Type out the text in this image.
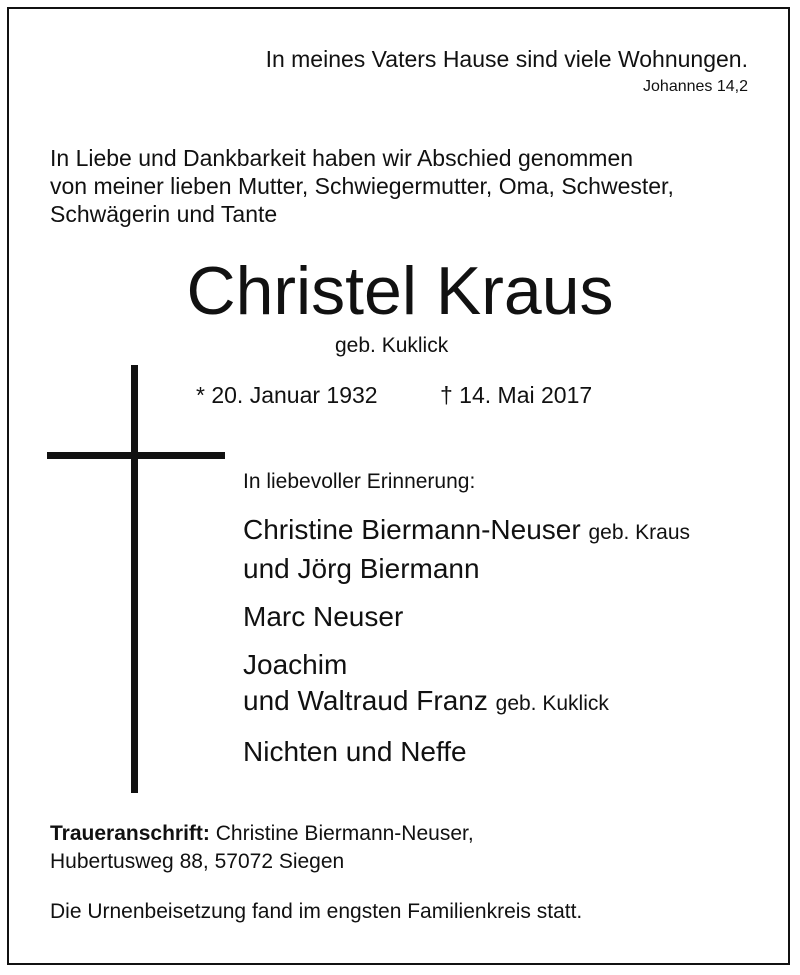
In meines Vaters Hause sind viele Wohnungen.
Johannes 14,2
In Liebe und Dankbarkeit haben wir Abschied genommen
von meiner lieben Mutter, Schwiegermutter, Oma, Schwester,
Schwägerin und Tante
Christel Kraus
geb. Kuklick
* 20. Januar 1932	† 14. Mai 2017
In liebevoller Erinnerung:
Christine Biermann-Neuser geb. Kraus
und Jörg Biermann
Marc Neuser
Joachim
und Waltraud Franz geb. Kuklick
Nichten und Neffe
Traueranschrift: Christine Biermann-Neuser,
Hubertusweg 88, 57072 Siegen
Die Urnenbeisetzung fand im engsten Familienkreis statt.
